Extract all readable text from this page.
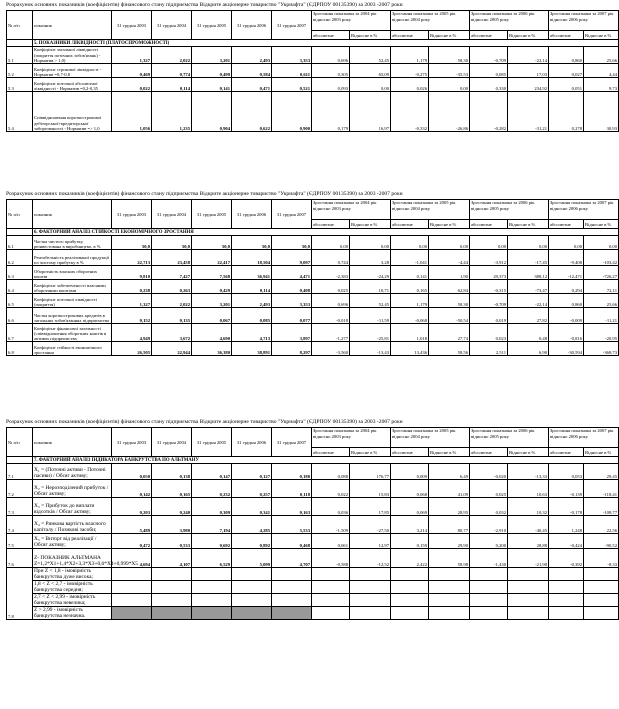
Розрахунок основних показників (коефіцієнтів) фінансового стану підприємства Відкрите акціонерне товариство "Укрнафта" (ЄДРПОУ 00135390) за 2003 -2007 роки
№ п/п	показник	31 грудня 2003	31 грудня 2004	31 грудня 2005	31 грудня 2006	31 грудня 2007	Зростання показника за 2004 рік відносно 2003 року		Зростання показника за 2005 рік відносно 2004 року		Зростання показника за 2006 рік відносно 2005 року		Зростання показника за 2007 рік відносно 2006 року	
							абсолютне	Відносне в %	абсолютне	Відносне в %	абсолютне	Відносне в %	абсолютне	Відносне в %
	5. ПОКАЗНИКИ ЛІКВІДНОСТІ (ПЛАТОСПРОМОЖНОСТІ)													
5.1	Коефіцієнт загальної ліквідності (покриття поточних зобов'язань) - Норматив > 1,0)	1,327	2,022	3,201	2,493	3,353	0,696	52,45	1,179	58,30	-0,709	-22,14	0,860	25,66
5.2	Коефіцієнт строкової ліквідності - Норматив =0,7-0,8	0,469	0,774	0,499	0,584	0,611	0,305	65,09	-0,275	-35,53	0,085	17,03	0,027	4,44
5.3	Коефіцієнт поточної абсолютної ліквідності - Норматив =0,2-0,35	0,022	0,114	0,141	0,471	0,521	0,093	0,00	0,026	0,00	0,330	234,92	0,051	9,73
5.4	Співвідношення короткострокової дебіторської+кредиторської заборгованості - Норматив => 1,0	1,056	1,235	0,904	0,622	0,900	0,179	16,97	-0,332	-26,86	-0,282	-31,21	0,278	30,93
Розрахунок основних показників (коефіцієнтів) фінансового стану підприємства Відкрите акціонерне товариство "Укрнафта" (ЄДРПОУ 00135390) за 2003 -2007 роки
№ п/п	показник	31 грудня 2003	31 грудня 2004	31 грудня 2005	31 грудня 2006	31 грудня 2007	Зростання показника за 2004 рік відносно 2003 року		Зростання показника за 2005 рік відносно 2004 року		Зростання показника за 2006 рік відносно 2005 року		Зростання показника за 2007 рік відносно 2006 року	
							абсолютне	Відносне в %	абсолютне	Відносне в %	абсолютне	Відносне в %	абсолютне	Відносне в %
	6. ФАКТОРНИЙ АНАЛІЗ СТІЙКОСТІ ЕКОНОМІЧНОГО ЗРОСТАННЯ													
6.1	Частка чистого прибутку, реінвестована в виробництво, в %	50,0	50,0	50,0	50,0	50,0	0,00	0,00	0,00	0,00	0,00	0,00	0,00	0,00
6.2	Рентабельність реалізованої продукції по чистому прибутку в %	22,713	23,458	22,417	18,504	9,097	0,744	3,28	-1,041	-4,44	-3,912	-17,45	-9,408	-103,42
6.3	Оборотність власних оборотних коштів	9,810	7,427	7,568	36,941	4,471	-2,383	-24,29	0,141	1,90	29,373	388,12	-12,471	-726,27
6.4	Коефіцієнт забезпеченості власними оборотними коштами	0,238	0,263	0,429	0,114	0,408	0,025	10,71	0,165	62,84	-0,315	-73,47	0,294	72,11
6.5	Коефіцієнт поточної ліквідності (покриття)	1,327	2,022	3,201	2,493	3,353	0,696	52,45	1,179	58,30	-0,709	-22,14	0,860	25,66
6.6	Частка короткострокових кредитів в загальних зобов'язаннях підприємства	0,152	0,135	0,067	0,085	0,077	-0,018	-11,59	-0,068	-50,54	0,019	27,82	-0,009	-11,21
6.7	Коефіцієнт фінансової залежності (співвідношення оборотних коштів в активах підприємства	4,949	3,672	4,690	4,713	3,897	-1,277	-25,81	1,018	27,74	0,023	0,48	-0,816	-20,95
6.8	Коефіцієнт стійкості економічного зростання	26,505	22,944	36,380	38,891	8,297	-3,560	-13,43	13,436	58,56	2,511	6,90	-30,594	-368,73
Розрахунок основних показників (коефіцієнтів) фінансового стану підприємства Відкрите акціонерне товариство "Укрнафта" (ЄДРПОУ 00135390) за 2003 -2007 роки
№ п/п	показник	31 грудня 2003	31 грудня 2004	31 грудня 2005	31 грудня 2006	31 грудня 2007	Зростання показника за 2004 рік відносно 2003 року		Зростання показника за 2005 рік відносно 2004 року		Зростання показника за 2006 рік відносно 2005 року		Зростання показника за 2007 рік відносно 2006 року	
							абсолютне	Відносне в %	абсолютне	Відносне в %	абсолютне	Відносне в %	абсолютне	Відносне в %
	7. ФАКТОРНИЙ АНАЛІЗ ІНДИКАТОРА БАНКРУТСТВА ПО АЛЬТМАНУ													
7.1	X₁ = (Поточні активи - Поточні пасиви) / Обсяг активу;	0,050	0,138	0,147	0,127	0,180	0,088	176,77	0,009	6,49	-0,020	-13,33	0,053	29,45
7.2	X₂ = Нерозподілений прибуток / Обсяг активу;	0,142	0,165	0,232	0,257	0,118	0,022	15,83	0,068	41,09	0,025	10,63	-0,139	-118,41
7.3	X₃ = Прибуток до виплати відсотків / Обсяг активу;	0,203	0,240	0,309	0,341	0,163	0,036	17,85	0,069	28,95	0,032	10,32	-0,178	-108,77
7.4	X₄ = Ринкова вартість власного капіталу / Позикові засоби;	5,489	3,980	7,194	4,285	5,533	-1,509	-27,50	3,214	80,77	-2,910	-40,45	1,248	22,56
7.5	X₅ = Виторг від реалізації / Обсяг активу;	0,472	0,533	0,692	0,892	0,468	0,061	12,97	0,159	29,90	0,200	28,88	-0,424	-90,52
7.6	Z- ПОКАЗНИК АЛЬТМАНА Z=1,2*X1+1,4*X2+3,3*X3+0,6*X4+0,999*X5	4,694	4,107	6,529	5,099	4,707	-0,588	-12,52	2,422	58,98	-1,430	-21,90	-0,392	-8,33
7.8	При Z < 1,8 - імовірність банкрутства дуже висока;													
	1,8 < Z < 2,7 - імовірність банкрутства середня;													
	2,7 < Z < 2,99 - імовірність банкрутства невелика;													
	Z > 2,99 - імовірність банкрутства незначна.													
